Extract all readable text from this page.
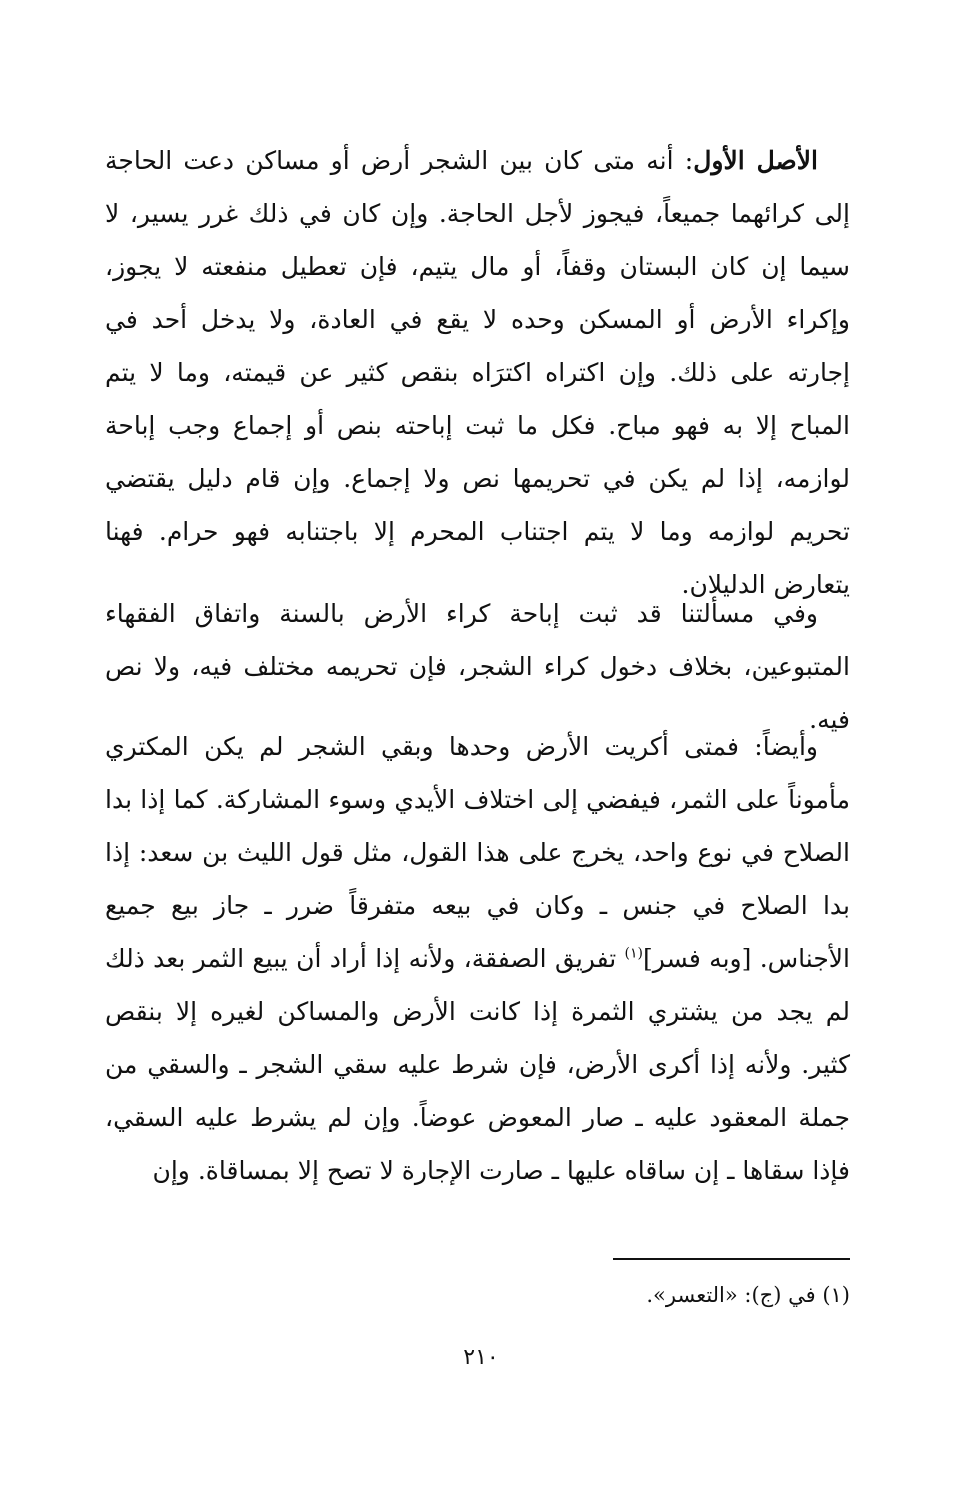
الأصل الأول: أنه متى كان بين الشجر أرض أو مساكن دعت الحاجة إلى كرائهما جميعاً، فيجوز لأجل الحاجة. وإن كان في ذلك غرر يسير، لا سيما إن كان البستان وقفاً، أو مال يتيم، فإن تعطيل منفعته لا يجوز، وإكراء الأرض أو المسكن وحده لا يقع في العادة، ولا يدخل أحد في إجارته على ذلك. وإن اكتراه اكترَاه بنقص كثير عن قيمته، وما لا يتم المباح إلا به فهو مباح. فكل ما ثبت إباحته بنص أو إجماع وجب إباحة لوازمه، إذا لم يكن في تحريمها نص ولا إجماع. وإن قام دليل يقتضي تحريم لوازمه وما لا يتم اجتناب المحرم إلا باجتنابه فهو حرام. فهنا يتعارض الدليلان.

وفي مسألتنا قد ثبت إباحة كراء الأرض بالسنة واتفاق الفقهاء المتبوعين، بخلاف دخول كراء الشجر، فإن تحريمه مختلف فيه، ولا نص فيه.

وأيضاً: فمتى أكريت الأرض وحدها وبقي الشجر لم يكن المكتري مأموناً على الثمر، فيفضي إلى اختلاف الأيدي وسوء المشاركة. كما إذا بدا الصلاح في نوع واحد، يخرج على هذا القول، مثل قول الليث بن سعد: إذا بدا الصلاح في جنس ـ وكان في بيعه متفرقاً ضرر ـ جاز بيع جميع الأجناس. [وبه فسر]$^{(١)}$ تفريق الصفقة، ولأنه إذا أراد أن يبيع الثمر بعد ذلك لم يجد من يشتري الثمرة إذا كانت الأرض والمساكن لغيره إلا بنقص كثير. ولأنه إذا أكرى الأرض، فإن شرط عليه سقي الشجر ـ والسقي من جملة المعقود عليه ـ صار المعوض عوضاً. وإن لم يشرط عليه السقي، فإذا سقاها ـ إن ساقاه عليها ـ صارت الإجارة لا تصح إلا بمساقاة. وإن

(١) في (ج): «التعسر».
٢١٠
